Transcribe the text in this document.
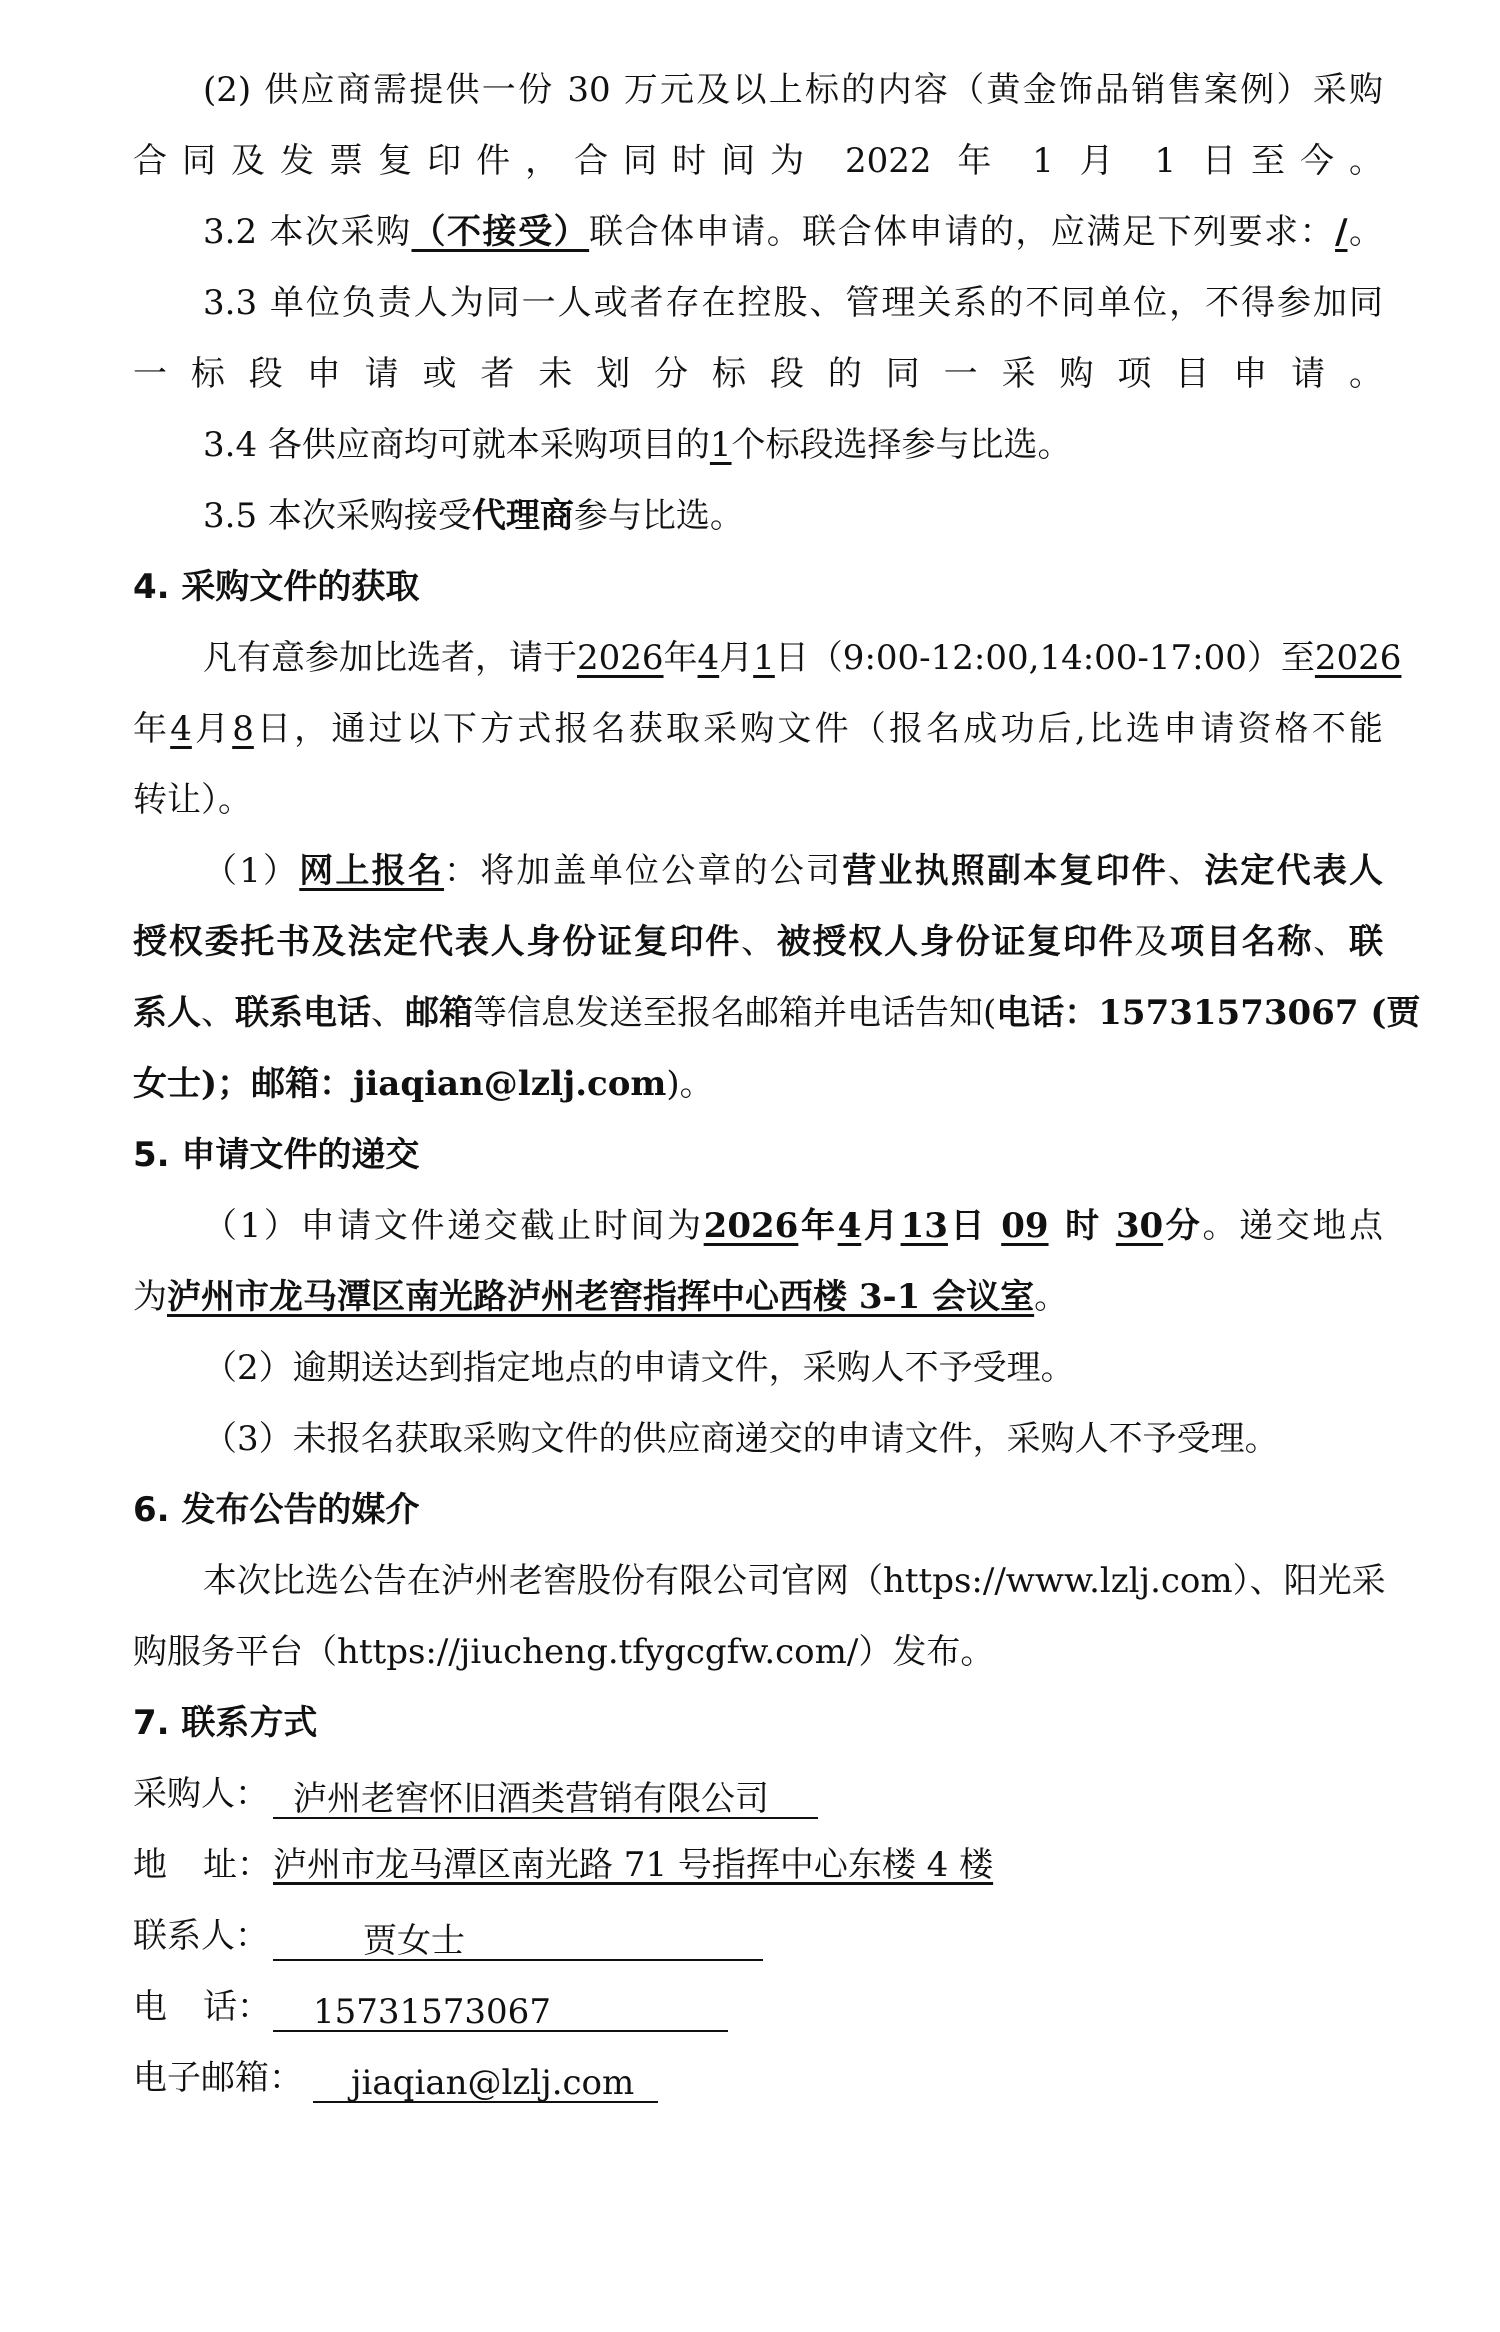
(2) 供应商需提供一份 30 万元及以上标的内容（黄金饰品销售案例）采购
合同及发票复印件，合同时间为 2022 年 1 月 1 日至今。
3.2 本次采购（不接受）联合体申请。联合体申请的，应满足下列要求：/。
3.3 单位负责人为同一人或者存在控股、管理关系的不同单位，不得参加同
一标段申请或者未划分标段的同一采购项目申请。
3.4 各供应商均可就本采购项目的1个标段选择参与比选。
3.5 本次采购接受代理商参与比选。
4. 采购文件的获取
凡有意参加比选者，请于2026年4月1日（9:00-12:00,14:00-17:00）至2026
年4月8日，通过以下方式报名获取采购文件（报名成功后,比选申请资格不能
转让）。
（1）网上报名：将加盖单位公章的公司营业执照副本复印件、法定代表人
授权委托书及法定代表人身份证复印件、被授权人身份证复印件及项目名称、联
系人、联系电话、邮箱等信息发送至报名邮箱并电话告知(电话：15731573067 (贾
女士)；邮箱：jiaqian@lzlj.com)。
5. 申请文件的递交
（1）申请文件递交截止时间为2026年4月13日 09 时 30分。递交地点
为泸州市龙马潭区南光路泸州老窖指挥中心西楼 3-1 会议室。
（2）逾期送达到指定地点的申请文件，采购人不予受理。
（3）未报名获取采购文件的供应商递交的申请文件，采购人不予受理。
6. 发布公告的媒介
本次比选公告在泸州老窖股份有限公司官网（https://www.lzlj.com）、阳光采
购服务平台（https://jiucheng.tfygcgfw.com/）发布。
7. 联系方式
采购人： 泸州老窖怀旧酒类营销有限公司
地 址：泸州市龙马潭区南光路 71 号指挥中心东楼 4 楼
联系人：	贾女士
电 话： 15731573067
电子邮箱： jiaqian@lzlj.com
